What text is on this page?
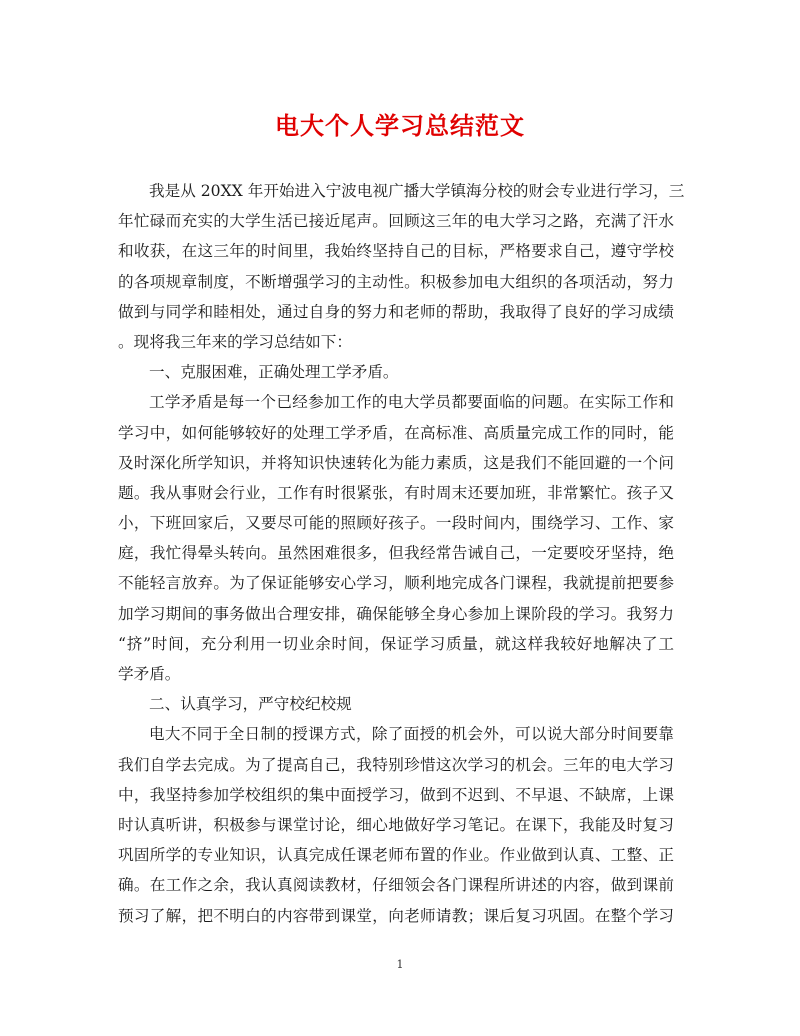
电大个人学习总结范文
我是从 20XX 年开始进入宁波电视广播大学镇海分校的财会专业进行学习，三
年忙碌而充实的大学生活已接近尾声。回顾这三年的电大学习之路，充满了汗水
和收获，在这三年的时间里，我始终坚持自己的目标，严格要求自己，遵守学校
的各项规章制度，不断增强学习的主动性。积极参加电大组织的各项活动，努力
做到与同学和睦相处，通过自身的努力和老师的帮助，我取得了良好的学习成绩
。现将我三年来的学习总结如下：
一、克服困难，正确处理工学矛盾。
工学矛盾是每一个已经参加工作的电大学员都要面临的问题。在实际工作和
学习中，如何能够较好的处理工学矛盾，在高标准、高质量完成工作的同时，能
及时深化所学知识，并将知识快速转化为能力素质，这是我们不能回避的一个问
题。我从事财会行业，工作有时很紧张，有时周末还要加班，非常繁忙。孩子又
小，下班回家后，又要尽可能的照顾好孩子。一段时间内，围绕学习、工作、家
庭，我忙得晕头转向。虽然困难很多，但我经常告诫自己，一定要咬牙坚持，绝
不能轻言放弃。为了保证能够安心学习，顺利地完成各门课程，我就提前把要参
加学习期间的事务做出合理安排，确保能够全身心参加上课阶段的学习。我努力
“挤”时间，充分利用一切业余时间，保证学习质量，就这样我较好地解决了工
学矛盾。
二、认真学习，严守校纪校规
电大不同于全日制的授课方式，除了面授的机会外，可以说大部分时间要靠
我们自学去完成。为了提高自己，我特别珍惜这次学习的机会。三年的电大学习
中，我坚持参加学校组织的集中面授学习，做到不迟到、不早退、不缺席，上课
时认真听讲，积极参与课堂讨论，细心地做好学习笔记。在课下，我能及时复习
巩固所学的专业知识，认真完成任课老师布置的作业。作业做到认真、工整、正
确。在工作之余，我认真阅读教材，仔细领会各门课程所讲述的内容，做到课前
预习了解，把不明白的内容带到课堂，向老师请教；课后复习巩固。在整个学习
1
